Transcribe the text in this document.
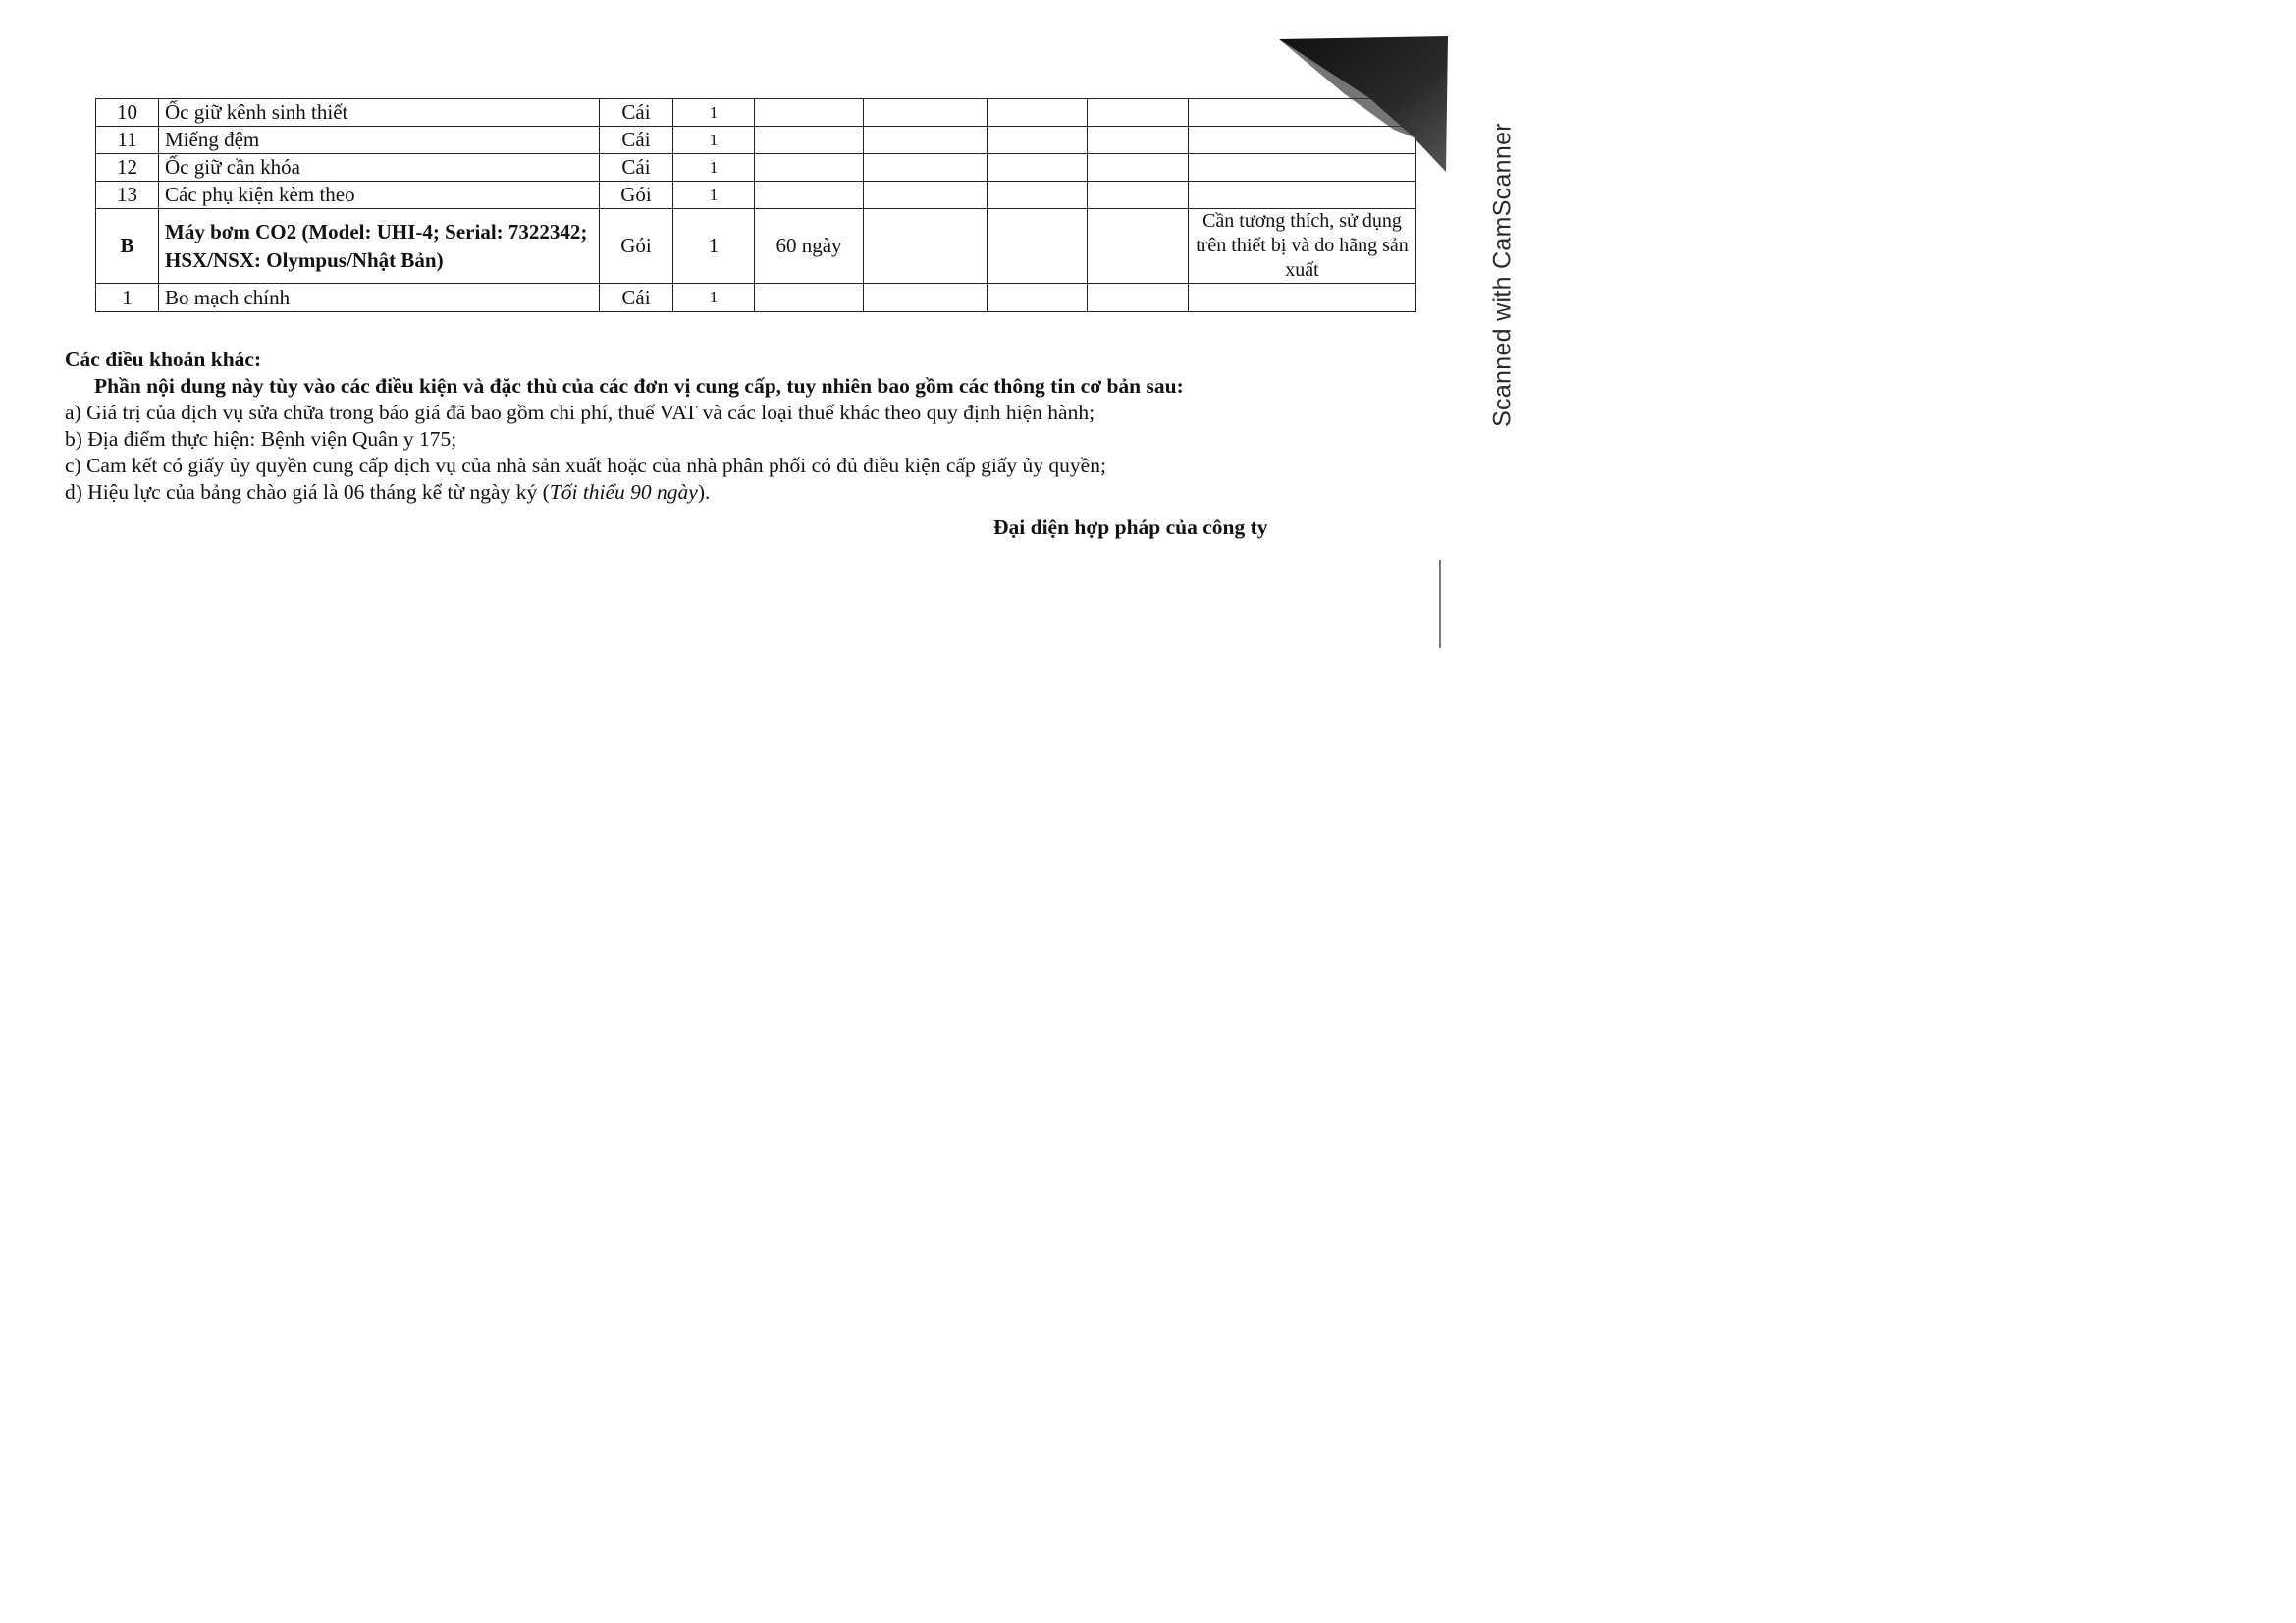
10	Ốc giữ kênh sinh thiết	Cái	1					
11	Miếng đệm	Cái	1					
12	Ốc giữ cần khóa	Cái	1					
13	Các phụ kiện kèm theo	Gói	1					
B	Máy bơm CO2 (Model: UHI-4; Serial: 7322342; HSX/NSX: Olympus/Nhật Bản)	Gói	1	60 ngày				Cần tương thích, sử dụng trên thiết bị và do hãng sản xuất
1	Bo mạch chính	Cái	1					

Các điều khoản khác:

Phần nội dung này tùy vào các điều kiện và đặc thù của các đơn vị cung cấp, tuy nhiên bao gồm các thông tin cơ bản sau:

a) Giá trị của dịch vụ sửa chữa trong báo giá đã bao gồm chi phí, thuế VAT và các loại thuế khác theo quy định hiện hành;

b) Địa điểm thực hiện: Bệnh viện Quân y 175;

c) Cam kết có giấy ủy quyền cung cấp dịch vụ của nhà sản xuất hoặc của nhà phân phối có đủ điều kiện cấp giấy ủy quyền;

d) Hiệu lực của bảng chào giá là 06 tháng kể từ ngày ký (Tối thiểu 90 ngày).

Đại diện hợp pháp của công ty
Scanned with CamScanner
